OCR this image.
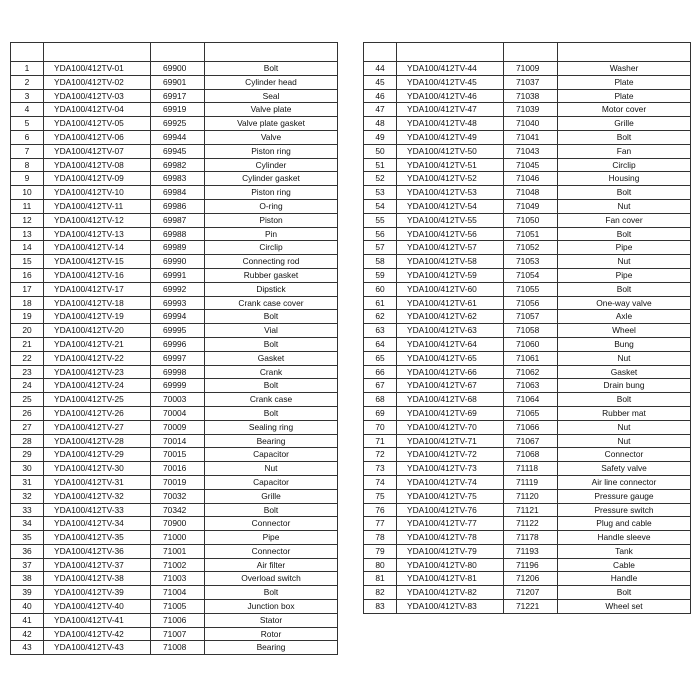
1	YDA100/412TV-01	69900	Bolt
2	YDA100/412TV-02	69901	Cylinder head
3	YDA100/412TV-03	69917	Seal
4	YDA100/412TV-04	69919	Valve plate
5	YDA100/412TV-05	69925	Valve plate gasket
6	YDA100/412TV-06	69944	Valve
7	YDA100/412TV-07	69945	Piston ring
8	YDA100/412TV-08	69982	Cylinder
9	YDA100/412TV-09	69983	Cylinder gasket
10	YDA100/412TV-10	69984	Piston ring
11	YDA100/412TV-11	69986	O-ring
12	YDA100/412TV-12	69987	Piston
13	YDA100/412TV-13	69988	Pin
14	YDA100/412TV-14	69989	Circlip
15	YDA100/412TV-15	69990	Connecting rod
16	YDA100/412TV-16	69991	Rubber gasket
17	YDA100/412TV-17	69992	Dipstick
18	YDA100/412TV-18	69993	Crank case cover
19	YDA100/412TV-19	69994	Bolt
20	YDA100/412TV-20	69995	Vial
21	YDA100/412TV-21	69996	Bolt
22	YDA100/412TV-22	69997	Gasket
23	YDA100/412TV-23	69998	Crank
24	YDA100/412TV-24	69999	Bolt
25	YDA100/412TV-25	70003	Crank case
26	YDA100/412TV-26	70004	Bolt
27	YDA100/412TV-27	70009	Sealing ring
28	YDA100/412TV-28	70014	Bearing
29	YDA100/412TV-29	70015	Capacitor
30	YDA100/412TV-30	70016	Nut
31	YDA100/412TV-31	70019	Capacitor
32	YDA100/412TV-32	70032	Grille
33	YDA100/412TV-33	70342	Bolt
34	YDA100/412TV-34	70900	Connector
35	YDA100/412TV-35	71000	Pipe
36	YDA100/412TV-36	71001	Connector
37	YDA100/412TV-37	71002	Air filter
38	YDA100/412TV-38	71003	Overload switch
39	YDA100/412TV-39	71004	Bolt
40	YDA100/412TV-40	71005	Junction box
41	YDA100/412TV-41	71006	Stator
42	YDA100/412TV-42	71007	Rotor
43	YDA100/412TV-43	71008	Bearing

44	YDA100/412TV-44	71009	Washer
45	YDA100/412TV-45	71037	Plate
46	YDA100/412TV-46	71038	Plate
47	YDA100/412TV-47	71039	Motor cover
48	YDA100/412TV-48	71040	Grille
49	YDA100/412TV-49	71041	Bolt
50	YDA100/412TV-50	71043	Fan
51	YDA100/412TV-51	71045	Circlip
52	YDA100/412TV-52	71046	Housing
53	YDA100/412TV-53	71048	Bolt
54	YDA100/412TV-54	71049	Nut
55	YDA100/412TV-55	71050	Fan cover
56	YDA100/412TV-56	71051	Bolt
57	YDA100/412TV-57	71052	Pipe
58	YDA100/412TV-58	71053	Nut
59	YDA100/412TV-59	71054	Pipe
60	YDA100/412TV-60	71055	Bolt
61	YDA100/412TV-61	71056	One-way valve
62	YDA100/412TV-62	71057	Axle
63	YDA100/412TV-63	71058	Wheel
64	YDA100/412TV-64	71060	Bung
65	YDA100/412TV-65	71061	Nut
66	YDA100/412TV-66	71062	Gasket
67	YDA100/412TV-67	71063	Drain bung
68	YDA100/412TV-68	71064	Bolt
69	YDA100/412TV-69	71065	Rubber mat
70	YDA100/412TV-70	71066	Nut
71	YDA100/412TV-71	71067	Nut
72	YDA100/412TV-72	71068	Connector
73	YDA100/412TV-73	71118	Safety valve
74	YDA100/412TV-74	71119	Air line connector
75	YDA100/412TV-75	71120	Pressure gauge
76	YDA100/412TV-76	71121	Pressure switch
77	YDA100/412TV-77	71122	Plug and cable
78	YDA100/412TV-78	71178	Handle sleeve
79	YDA100/412TV-79	71193	Tank
80	YDA100/412TV-80	71196	Cable
81	YDA100/412TV-81	71206	Handle
82	YDA100/412TV-82	71207	Bolt
83	YDA100/412TV-83	71221	Wheel set
